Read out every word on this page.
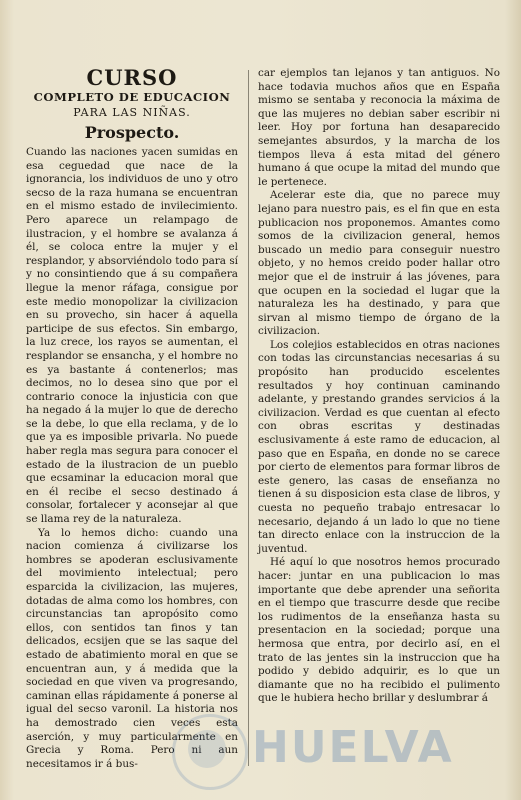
CURSO
COMPLETO DE EDUCACION
PARA LAS NIÑAS.
Prospecto.

Cuando las naciones yacen sumidas en esa ceguedad que nace de la ignorancia, los individuos de uno y otro secso de la raza humana se encuentran en el mismo estado de invilecimiento. Pero aparece un relampago de ilustracion, y el hombre se avalanza á él, se coloca entre la mujer y el resplandor, y absorviéndolo todo para sí y no consintiendo que á su compañera llegue la menor ráfaga, consigue por este medio monopolizar la civilizacion en su provecho, sin hacer á aquella participe de sus efectos. Sin embargo, la luz crece, los rayos se aumentan, el resplandor se ensancha, y el hombre no es ya bastante á contenerlos; mas decimos, no lo desea sino que por el contrario conoce la injusticia con que ha negado á la mujer lo que de derecho se la debe, lo que ella reclama, y de lo que ya es imposible privarla. No puede haber regla mas segura para conocer el estado de la ilustracion de un pueblo que ecsaminar la educacion moral que en él recibe el secso destinado á consolar, fortalecer y aconsejar al que se llama rey de la naturaleza.

Ya lo hemos dicho: cuando una nacion comienza á civilizarse los hombres se apoderan esclusivamente del movimiento intelectual; pero esparcida la civilizacion, las mujeres, dotadas de alma como los hombres, con circunstancias tan apropósito como ellos, con sentidos tan finos y tan delicados, ecsijen que se las saque del estado de abatimiento moral en que se encuentran aun, y á medida que la sociedad en que viven va progresando, caminan ellas rápidamente á ponerse al igual del secso varonil. La historia nos ha demostrado cien veces esta aserción, y muy particularmente en Grecia y Roma. Pero ni aun necesitamos ir á bus-

car ejemplos tan lejanos y tan antiguos. No hace todavia muchos años que en España mismo se sentaba y reconocia la máxima de que las mujeres no debian saber escribir ni leer. Hoy por fortuna han desaparecido semejantes absurdos, y la marcha de los tiempos lleva á esta mitad del género humano á que ocupe la mitad del mundo que le pertenece.

Acelerar este dia, que no parece muy lejano para nuestro pais, es el fin que en esta publicacion nos proponemos. Amantes como somos de la civilizacion general, hemos buscado un medio para conseguir nuestro objeto, y no hemos creido poder hallar otro mejor que el de instruir á las jóvenes, para que ocupen en la sociedad el lugar que la naturaleza les ha destinado, y para que sirvan al mismo tiempo de órgano de la civilizacion.

Los colejios establecidos en otras naciones con todas las circunstancias necesarias á su propósito han producido escelentes resultados y hoy continuan caminando adelante, y prestando grandes servicios á la civilizacion. Verdad es que cuentan al efecto con obras escritas y destinadas esclusivamente á este ramo de educacion, al paso que en España, en donde no se carece por cierto de elementos para formar libros de este genero, las casas de enseñanza no tienen á su disposicion esta clase de libros, y cuesta no pequeño trabajo entresacar lo necesario, dejando á un lado lo que no tiene tan directo enlace con la instruccion de la juventud.

Hé aquí lo que nosotros hemos procurado hacer: juntar en una publicacion lo mas importante que debe aprender una señorita en el tiempo que trascurre desde que recibe los rudimentos de la enseñanza hasta su presentacion en la sociedad; porque una hermosa que entra, por decirlo así, en el trato de las jentes sin la instruccion que ha podido y debido adquirir, es lo que un diamante que no ha recibido el pulimento que le hubiera hecho brillar y deslumbrar á

HUELVA
